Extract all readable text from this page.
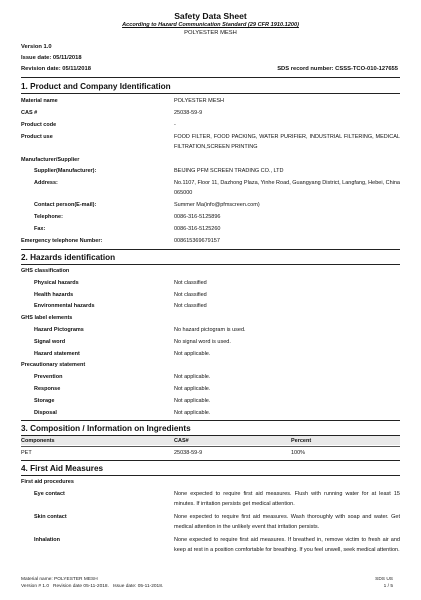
Safety Data Sheet
According to Hazard Communication Standard (29 CFR 1910.1200)
POLYESTER MESH
Version 1.0
Issue date: 05/11/2018
Revision date: 05/11/2018	SDS record number: CSSS-TCO-010-127655
1. Product and Company Identification
Material name	POLYESTER MESH
CAS #	25038-59-9
Product code	-
Product use	FOOD FILTER, FOOD PACKING, WATER PURIFIER, INDUSTRIAL FILTERING, MEDICAL FILTRATION,SCREEN PRINTING
Manufacturer/Supplier
Supplier(Manufacturer):	BEIJING PFM SCREEN TRADING CO., LTD
Address:	No.1107, Floor 11, Dazhong Plaza, Yinhe Road, Guangyang District, Langfang, Hebei, China 065000
Contact person(E-mail):	Summer Ma(info@pfmscreen.com)
Telephone:	0086-316-5125896
Fax:	0086-316-5125260
Emergency telephone Number:	008615369679157
2. Hazards identification
GHS classification
Physical hazards	Not classified
Health hazards	Not classified
Environmental hazards	Not classified
GHS label elements
Hazard Pictograms	No hazard pictogram is used.
Signal word	No signal word is used.
Hazard statement	Not applicable.
Precautionary statement
Prevention	Not applicable.
Response	Not applicable.
Storage	Not applicable.
Disposal	Not applicable.
3. Composition / Information on Ingredients
Components	CAS#	Percent
PET	25038-59-9	100%
4. First Aid Measures
First aid procedures
Eye contact	None expected to require first aid measures. Flush with running water for at least 15 minutes. If irritation persists get medical attention.
Skin contact	None expected to require first aid measures. Wash thoroughly with soap and water. Get medical attention in the unlikely event that irritation persists.
Inhalation	None expected to require first aid measures. If breathed in, remove victim to fresh air and keep at rest in a position comfortable for breathing. If you feel unwell, seek medical attention.
Material name: POLYESTER MESH
Version # 1.0   Revision date 05-11-2018.   Issue date: 05-11-2018.
SDS US
1 / 5
